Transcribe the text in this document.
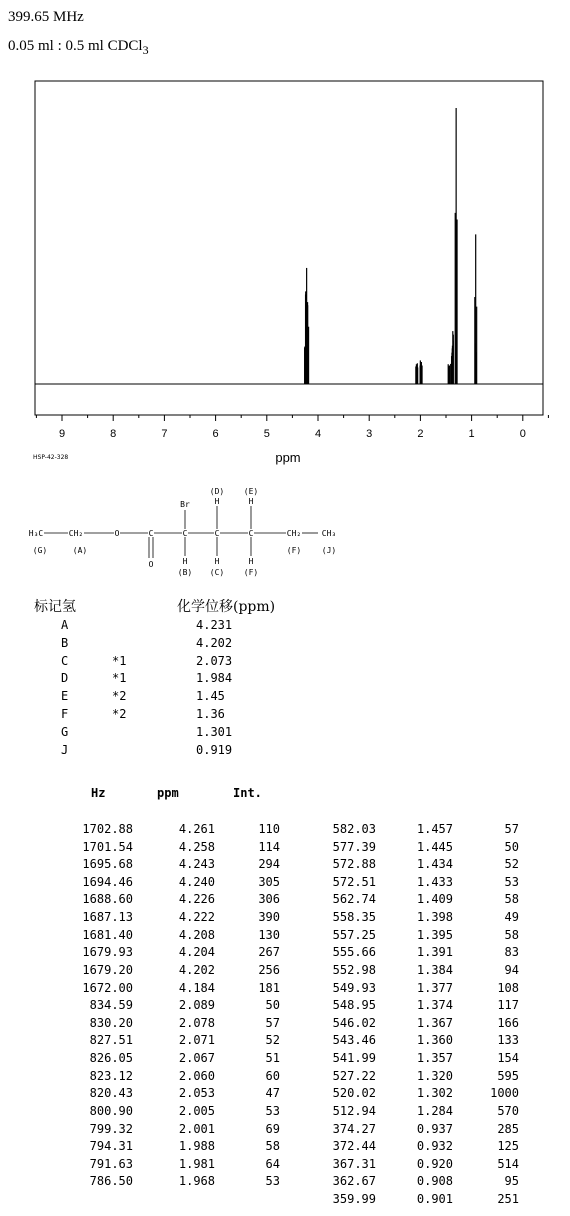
399.65 MHz
0.05 ml : 0.5 ml CDCl$_3$
9	8	7	6	5	4	3	2	1	0
ppm
HSP-42-328
H₃C	CH₂	O	C
O
C
Br
C	C	CH₂	CH₃
H	H
H	H
H
(G)	(A)
(B) (C)
(D) (E)
(F)
(F)	(J)
标记氢	化学位移(ppm)
A	4.231
B	4.202
C	*1	2.073
D	*1	1.984
E	*2	1.45
F	*2	1.36
G	1.301
J	0.919
Hz	ppm	Int.
1702.88	4.261	110
1701.54	4.258	114
1695.68	4.243	294
1694.46	4.240	305
1688.60	4.226	306
1687.13	4.222	390
1681.40	4.208	130
1679.93	4.204	267
1679.20	4.202	256
1672.00	4.184	181
834.59	2.089	50
830.20	2.078	57
827.51	2.071	52
826.05	2.067	51
823.12	2.060	60
820.43	2.053	47
800.90	2.005	53
799.32	2.001	69
794.31	1.988	58
791.63	1.981	64
786.50	1.968	53
582.03	1.457	57
577.39	1.445	50
572.88	1.434	52
572.51	1.433	53
562.74	1.409	58
558.35	1.398	49
557.25	1.395	58
555.66	1.391	83
552.98	1.384	94
549.93	1.377	108
548.95	1.374	117
546.02	1.367	166
543.46	1.360	133
541.99	1.357	154
527.22	1.320	595
520.02	1.302	1000
512.94	1.284	570
374.27	0.937	285
372.44	0.932	125
367.31	0.920	514
362.67	0.908	95
359.99	0.901	251
